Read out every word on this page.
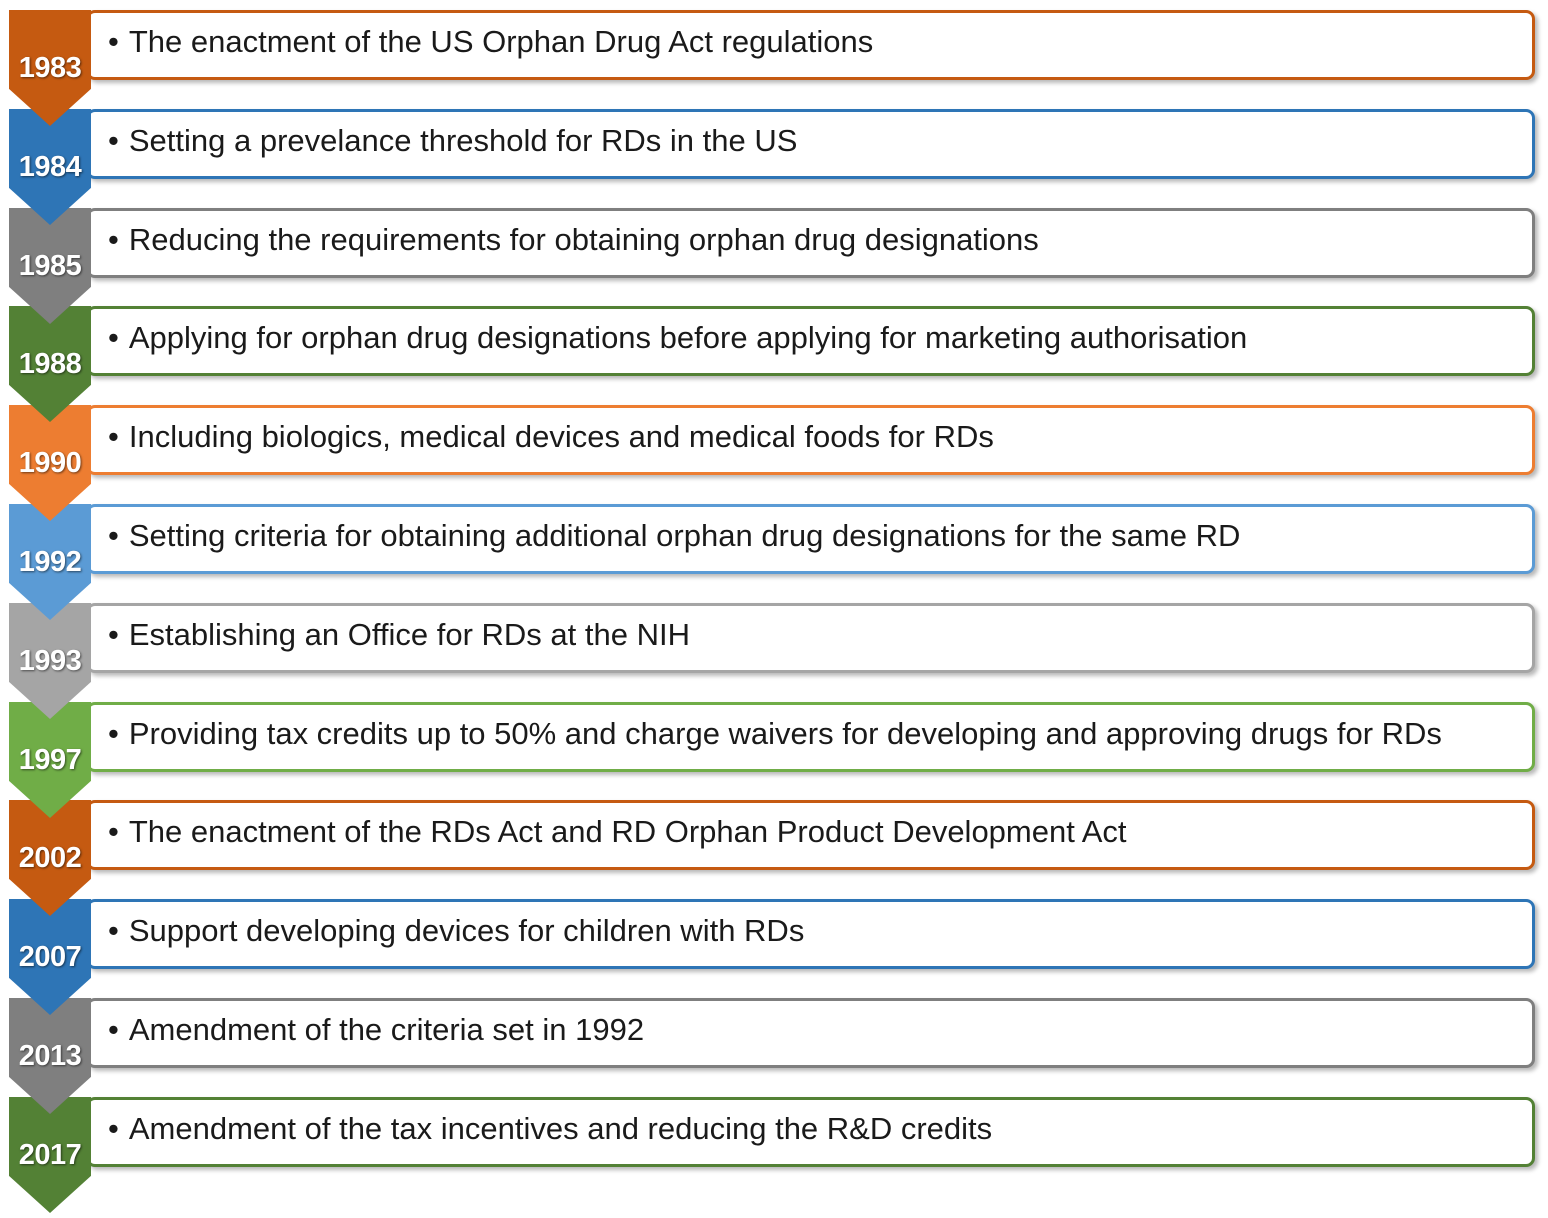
• The enactment of the US Orphan Drug Act regulations
1983
• Setting a prevelance threshold for RDs in the US
1984
• Reducing the requirements for obtaining orphan drug designations
1985
• Applying for orphan drug designations before applying for marketing authorisation
1988
• Including biologics, medical devices and medical foods for RDs
1990
• Setting criteria for obtaining additional orphan drug designations for the same RD
1992
• Establishing an Office for RDs at the NIH
1993
• Providing tax credits up to 50% and charge waivers for developing and approving drugs for RDs
1997
• The enactment of the RDs Act and RD Orphan Product Development Act
2002
• Support developing devices for children with RDs
2007
• Amendment of the criteria set in 1992
2013
• Amendment of the tax incentives and reducing the R&D credits
2017
